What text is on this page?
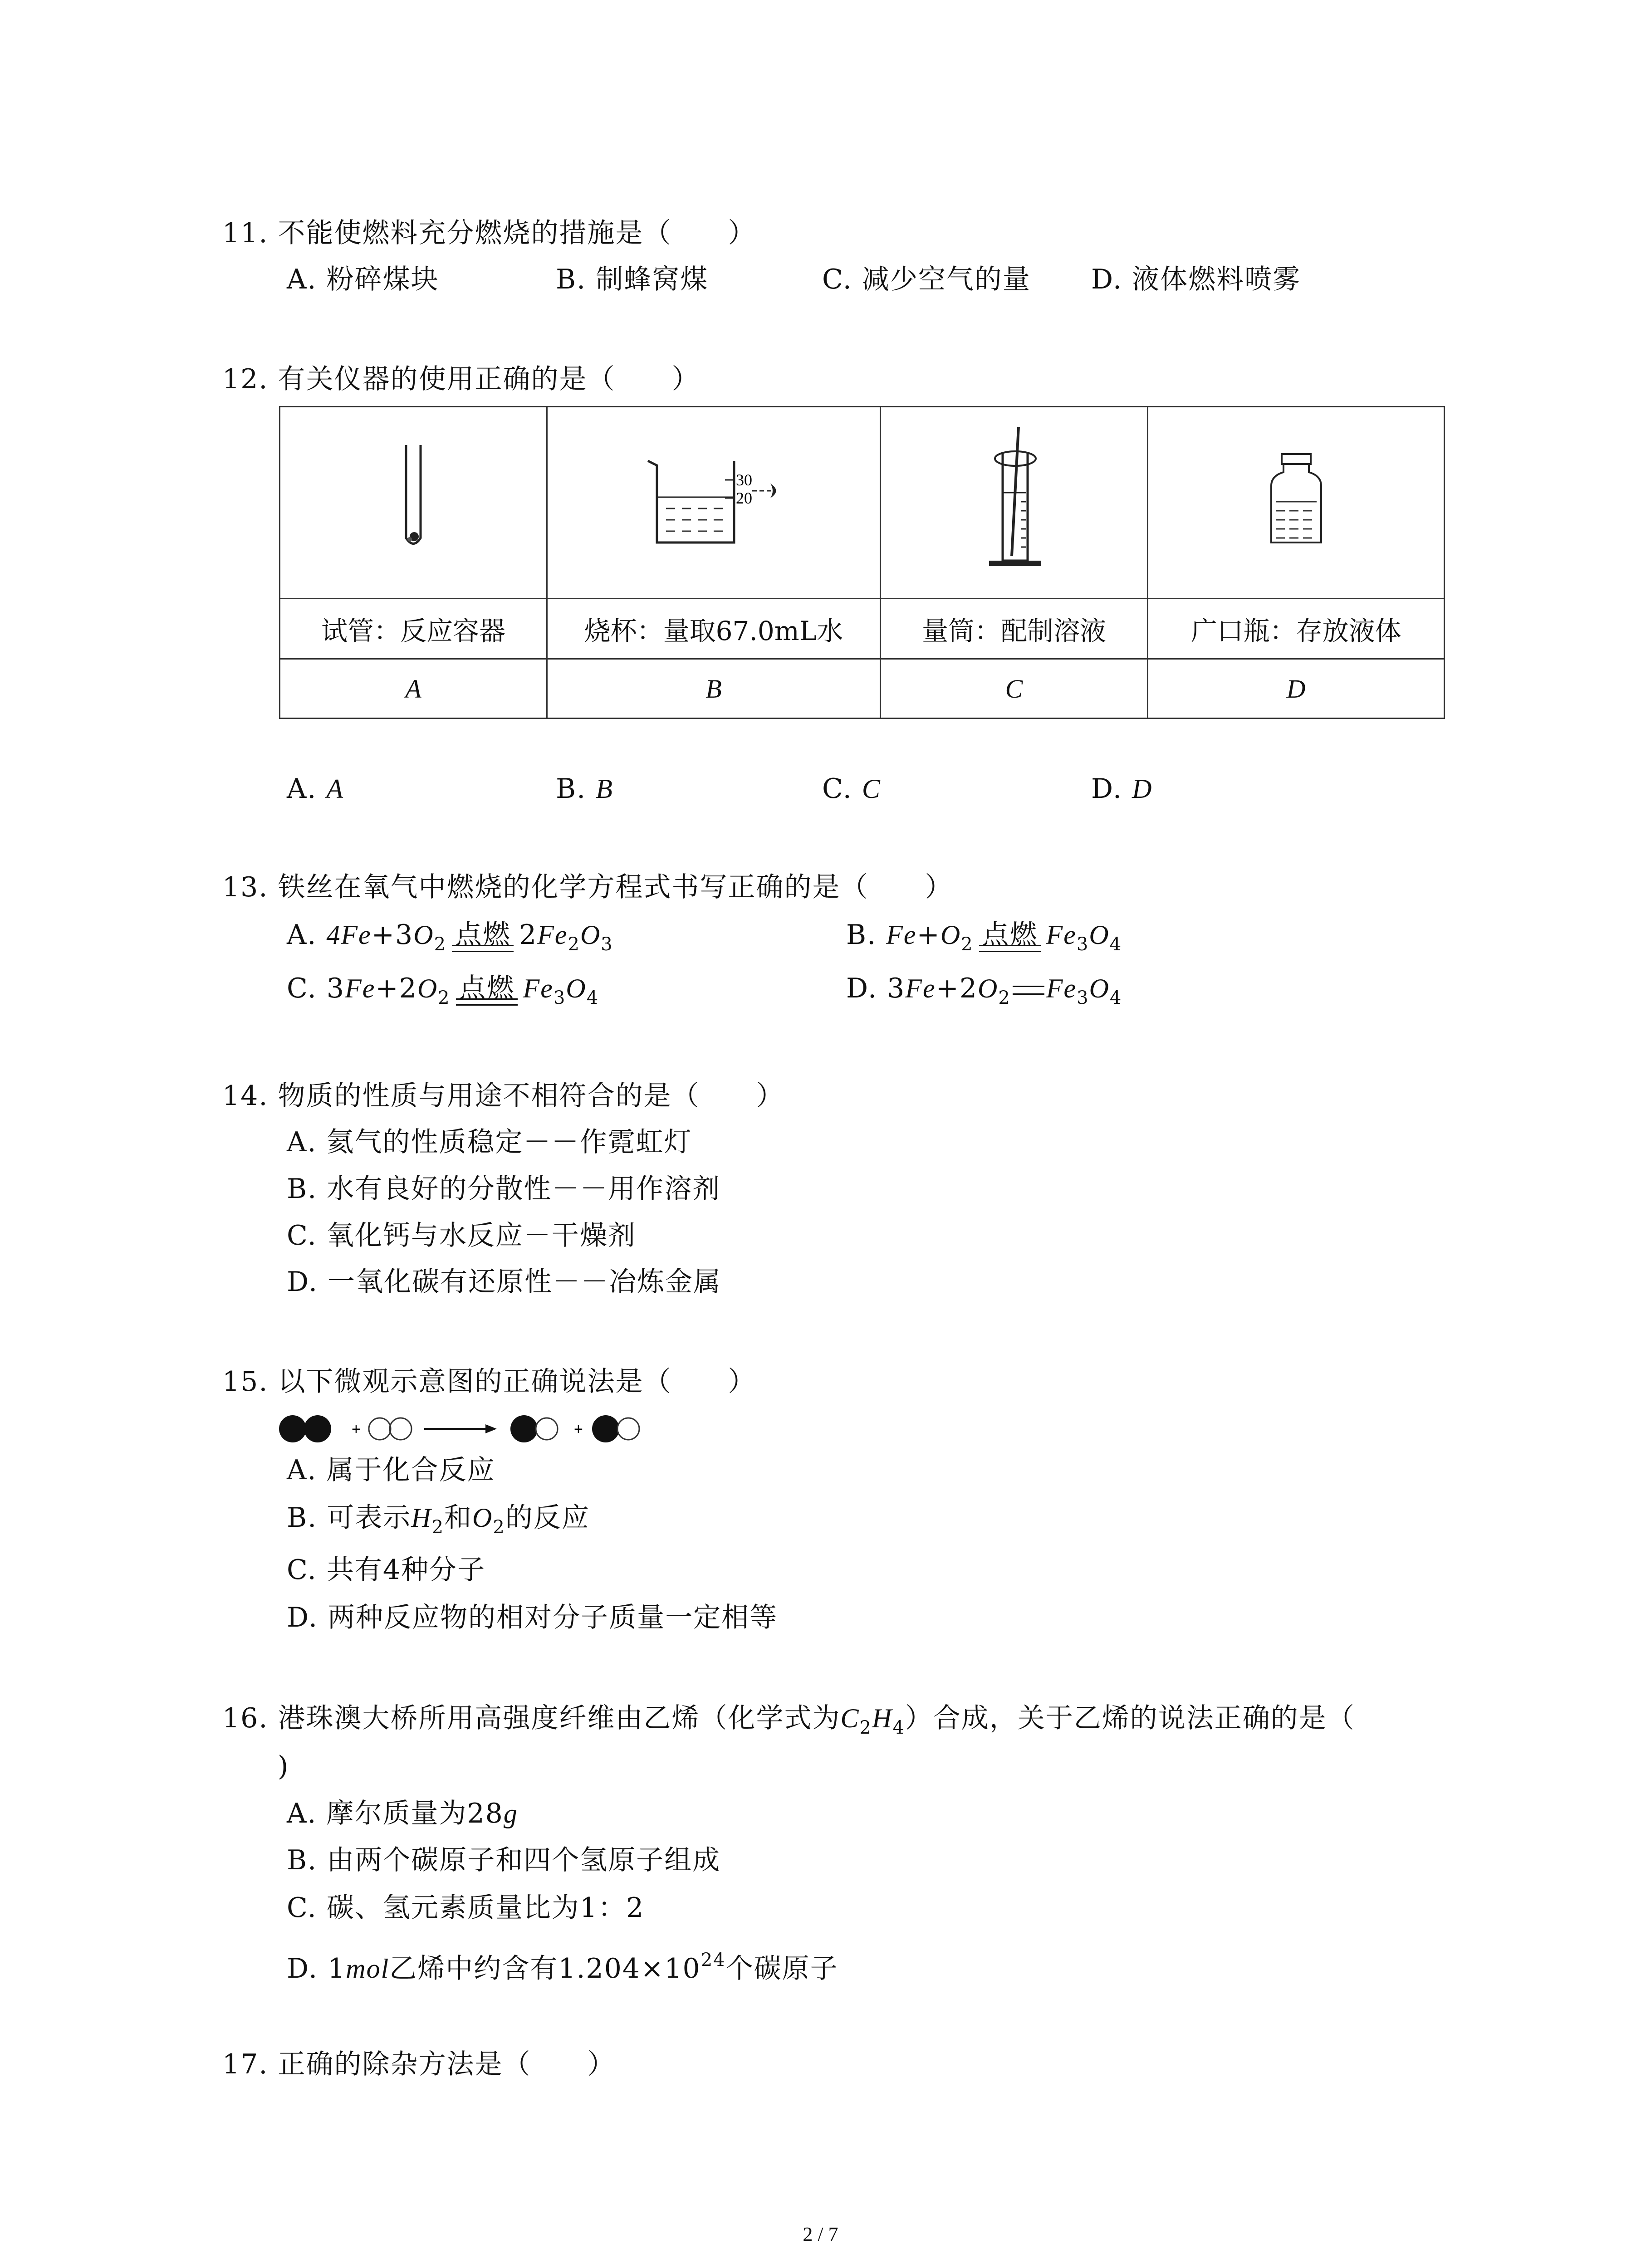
11. 不能使燃料充分燃烧的措施是（　　）
A. 粉碎煤块	B. 制蜂窝煤	C. 减少空气的量 D. 液体燃料喷雾
12. 有关仪器的使用正确的是（　　）

30
20

试管：反应容器	烧杯：量取67.0mL水	量筒：配制溶液	广口瓶：存放液体
A	B	C	D
A. A	B. B	C. C	D. D
13. 铁丝在氧气中燃烧的化学方程式书写正确的是（　　）
A. $4Fe+3O_2$ 点燃 $2Fe_2O_3$	B. $Fe+O_2$ 点燃 $Fe_3O_4$
C. $3Fe+2O_2$ 点燃 $Fe_3O_4$	D. $3Fe+2O_2$ $Fe_3O_4$
14. 物质的性质与用途不相符合的是（　　）
A. 氦气的性质稳定－－作霓虹灯
B. 水有良好的分散性－－用作溶剂
C. 氧化钙与水反应－干燥剂
D. 一氧化碳有还原性－－冶炼金属
15. 以下微观示意图的正确说法是（　　）
+	+
A. 属于化合反应
B. 可表示$H_2$和$O_2$的反应
C. 共有4种分子
D. 两种反应物的相对分子质量一定相等
16. 港珠澳大桥所用高强度纤维由乙烯（化学式为$C_2H_4$）合成，关于乙烯的说法正确的是（
)
A. 摩尔质量为28g
B. 由两个碳原子和四个氢原子组成
C. 碳、氢元素质量比为1：2
D. 1mol乙烯中约含有$1.204\times 10^{24}$个碳原子
17. 正确的除杂方法是（　　）
2 / 7
